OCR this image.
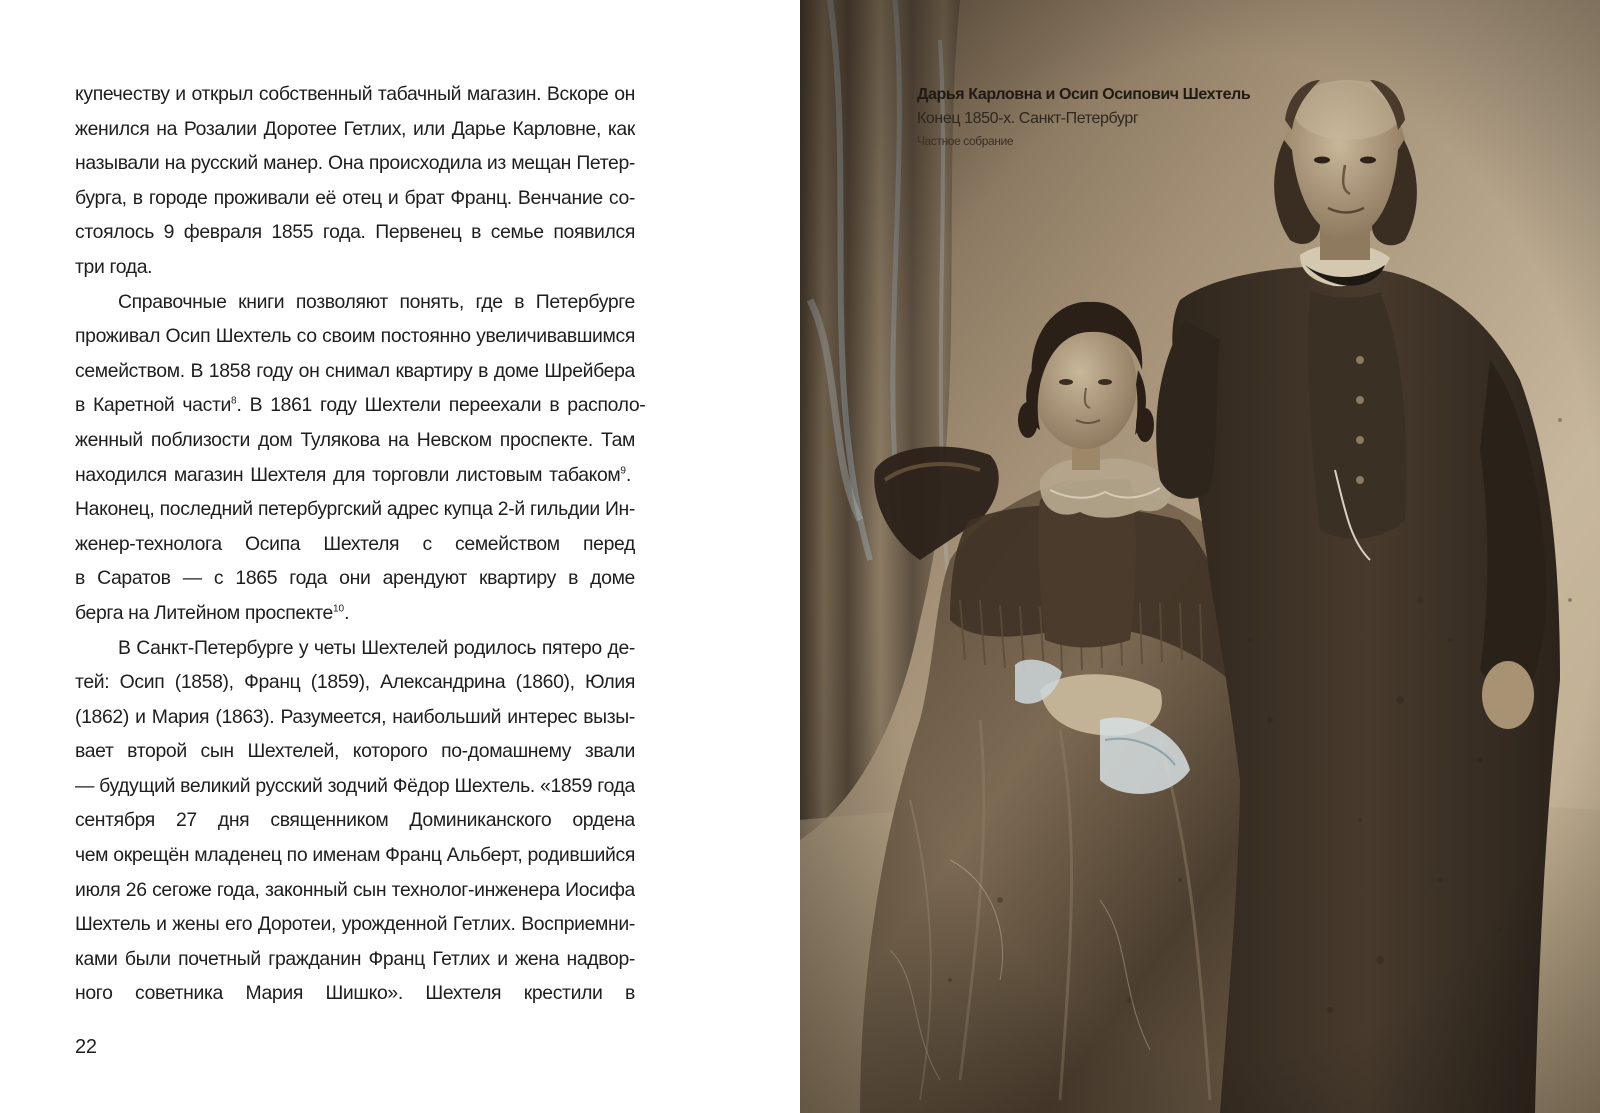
купечеству и открыл собственный табачный магазин. Вскоре он
женился на Розалии Доротее Гетлих, или Дарье Карловне, как
называли на русский манер. Она происходила из мещан Петер-
бурга, в городе проживали её отец и брат Франц. Венчание со-
стоялось 9 февраля 1855 года. Первенец в семье появился
три года.
Справочные книги позволяют понять, где в Петербурге
проживал Осип Шехтель со своим постоянно увеличивавшимся
семейством. В 1858 году он снимал квартиру в доме Шрейбера
в Каретной части$^8$. В 1861 году Шехтели переехали в располо-
женный поблизости дом Тулякова на Невском проспекте. Там
находился магазин Шехтеля для торговли листовым табаком$^9$.
Наконец, последний петербургский адрес купца 2-й гильдии Ин-
женер-технолога Осипа Шехтеля с семейством перед
в Саратов — с 1865 года они арендуют квартиру в доме
берга на Литейном проспекте$^{10}$.
В Санкт-Петербурге у четы Шехтелей родилось пятеро де-
тей: Осип (1858), Франц (1859), Александрина (1860), Юлия
(1862) и Мария (1863). Разумеется, наибольший интерес вызы-
вает второй сын Шехтелей, которого по-домашнему звали
— будущий великий русский зодчий Фёдор Шехтель. «1859 года
сентября 27 дня священником Доминиканского ордена
чем окрещён младенец по именам Франц Альберт, родившийся
июля 26 сегоже года, законный сын технолог-инженера Иосифа
Шехтель и жены его Доротеи, урожденной Гетлих. Восприемни-
ками были почетный гражданин Франц Гетлих и жена надвор-
ного советника Мария Шишко». Шехтеля крестили в
22
Дарья Карловна и Осип Осипович Шехтель
Конец 1850-х. Санкт-Петербург
Частное собрание
